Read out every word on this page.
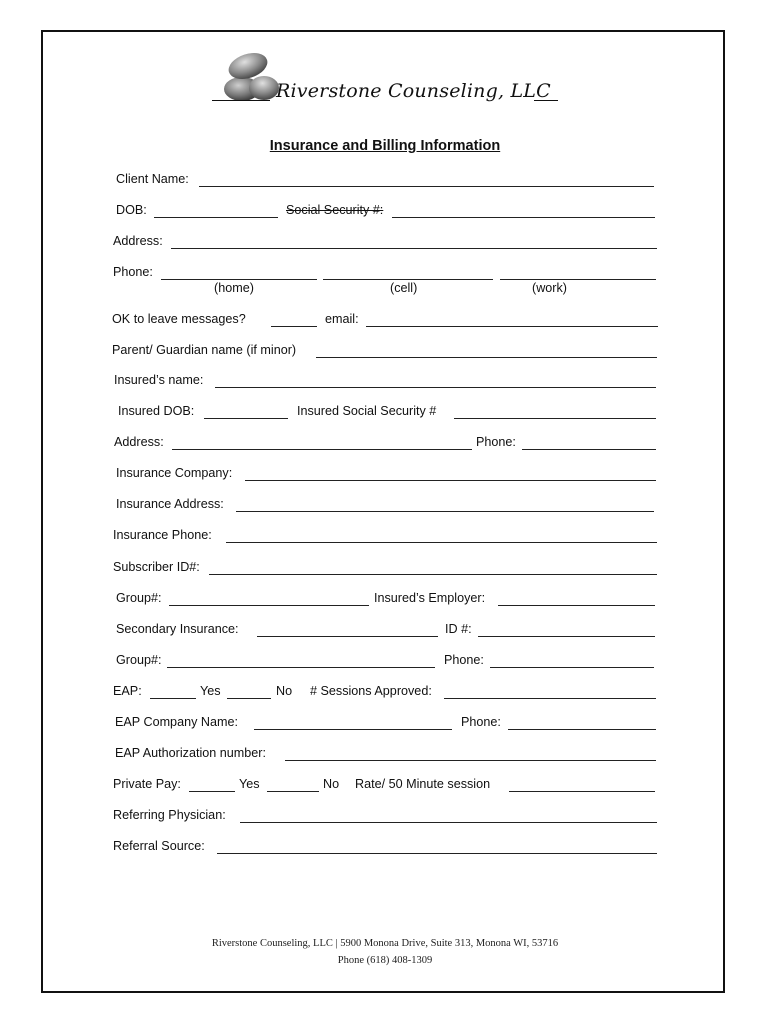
Riverstone Counseling, LLC
Insurance and Billing Information
Client Name:
DOB:	Social Security #:
Address:
Phone:
(home)	(cell)	(work)
OK to leave messages?	email:
Parent/ Guardian name (if minor)
Insured’s name:
Insured DOB:	Insured Social Security #
Address:	Phone:
Insurance Company:
Insurance Address:
Insurance Phone:
Subscriber ID#:
Group#:	Insured’s Employer:
Secondary Insurance:	ID #:
Group#:	Phone:
EAP:	Yes	No # Sessions Approved:
EAP Company Name:	Phone:
EAP Authorization number:
Private Pay:	Yes	No Rate/ 50 Minute session
Referring Physician:
Referral Source:
Riverstone Counseling, LLC | 5900 Monona Drive, Suite 313, Monona WI, 53716
Phone (618) 408-1309
